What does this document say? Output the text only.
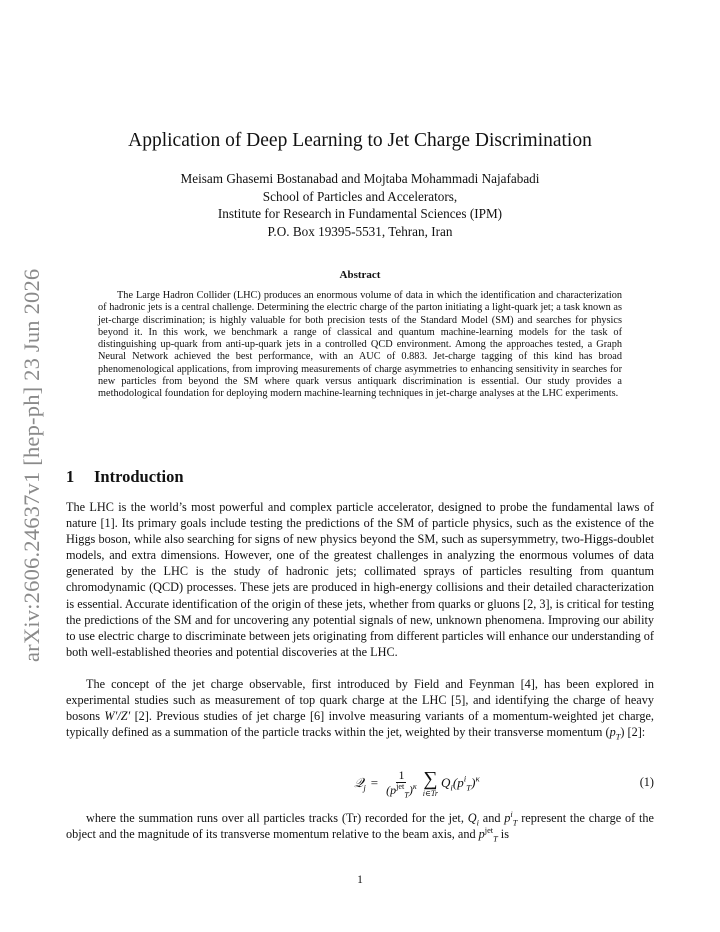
arXiv:2606.24637v1 [hep-ph] 23 Jun 2026
Application of Deep Learning to Jet Charge Discrimination
Meisam Ghasemi Bostanabad and Mojtaba Mohammadi Najafabadi
School of Particles and Accelerators,
Institute for Research in Fundamental Sciences (IPM)
P.O. Box 19395-5531, Tehran, Iran
Abstract
The Large Hadron Collider (LHC) produces an enormous volume of data in which the identification and characterization of hadronic jets is a central challenge. Determining the electric charge of the parton initiating a light-quark jet; a task known as jet-charge discrimination; is highly valuable for both precision tests of the Standard Model (SM) and searches for physics beyond it. In this work, we benchmark a range of classical and quantum machine-learning models for the task of distinguishing up-quark from anti-up-quark jets in a controlled QCD environment. Among the approaches tested, a Graph Neural Network achieved the best performance, with an AUC of 0.883. Jet-charge tagging of this kind has broad phenomenological applications, from improving measurements of charge asymmetries to enhancing sensitivity in searches for new particles from beyond the SM where quark versus antiquark discrimination is essential. Our study provides a methodological foundation for deploying modern machine-learning techniques in jet-charge analyses at the LHC experiments.
1 Introduction
The LHC is the world’s most powerful and complex particle accelerator, designed to probe the fundamental laws of nature [1]. Its primary goals include testing the predictions of the SM of particle physics, such as the existence of the Higgs boson, while also searching for signs of new physics beyond the SM, such as supersymmetry, two-Higgs-doublet models, and extra dimensions. However, one of the greatest challenges in analyzing the enormous volumes of data generated by the LHC is the study of hadronic jets; collimated sprays of particles resulting from quantum chromodynamic (QCD) processes. These jets are produced in high-energy collisions and their detailed characterization is essential. Accurate identification of the origin of these jets, whether from quarks or gluons [2, 3], is critical for testing the predictions of the SM and for uncovering any potential signals of new, unknown phenomena. Improving our ability to use electric charge to discriminate between jets originating from different particles will enhance our understanding of both well-established theories and potential discoveries at the LHC.
The concept of the jet charge observable, first introduced by Field and Feynman [4], has been explored in experimental studies such as measurement of top quark charge at the LHC [5], and identifying the charge of heavy bosons W′/Z′ [2]. Previous studies of jet charge [6] involve measuring variants of a momentum-weighted jet charge, typically defined as a summation of the particle tracks within the jet, weighted by their transverse momentum $(p_T)$ [2]:
𝒬$_j$ = $\frac{1}{(p^{jet}_T)^\kappa}$ ∑
i∈Tr
$Q_i(p^i_T)^\kappa$	(1)
where the summation runs over all particles tracks (Tr) recorded for the jet, $Q_i$ and $p^i_T$ represent the charge of the object and the magnitude of its transverse momentum relative to the beam axis, and $p^{jet}_T$ is
1
